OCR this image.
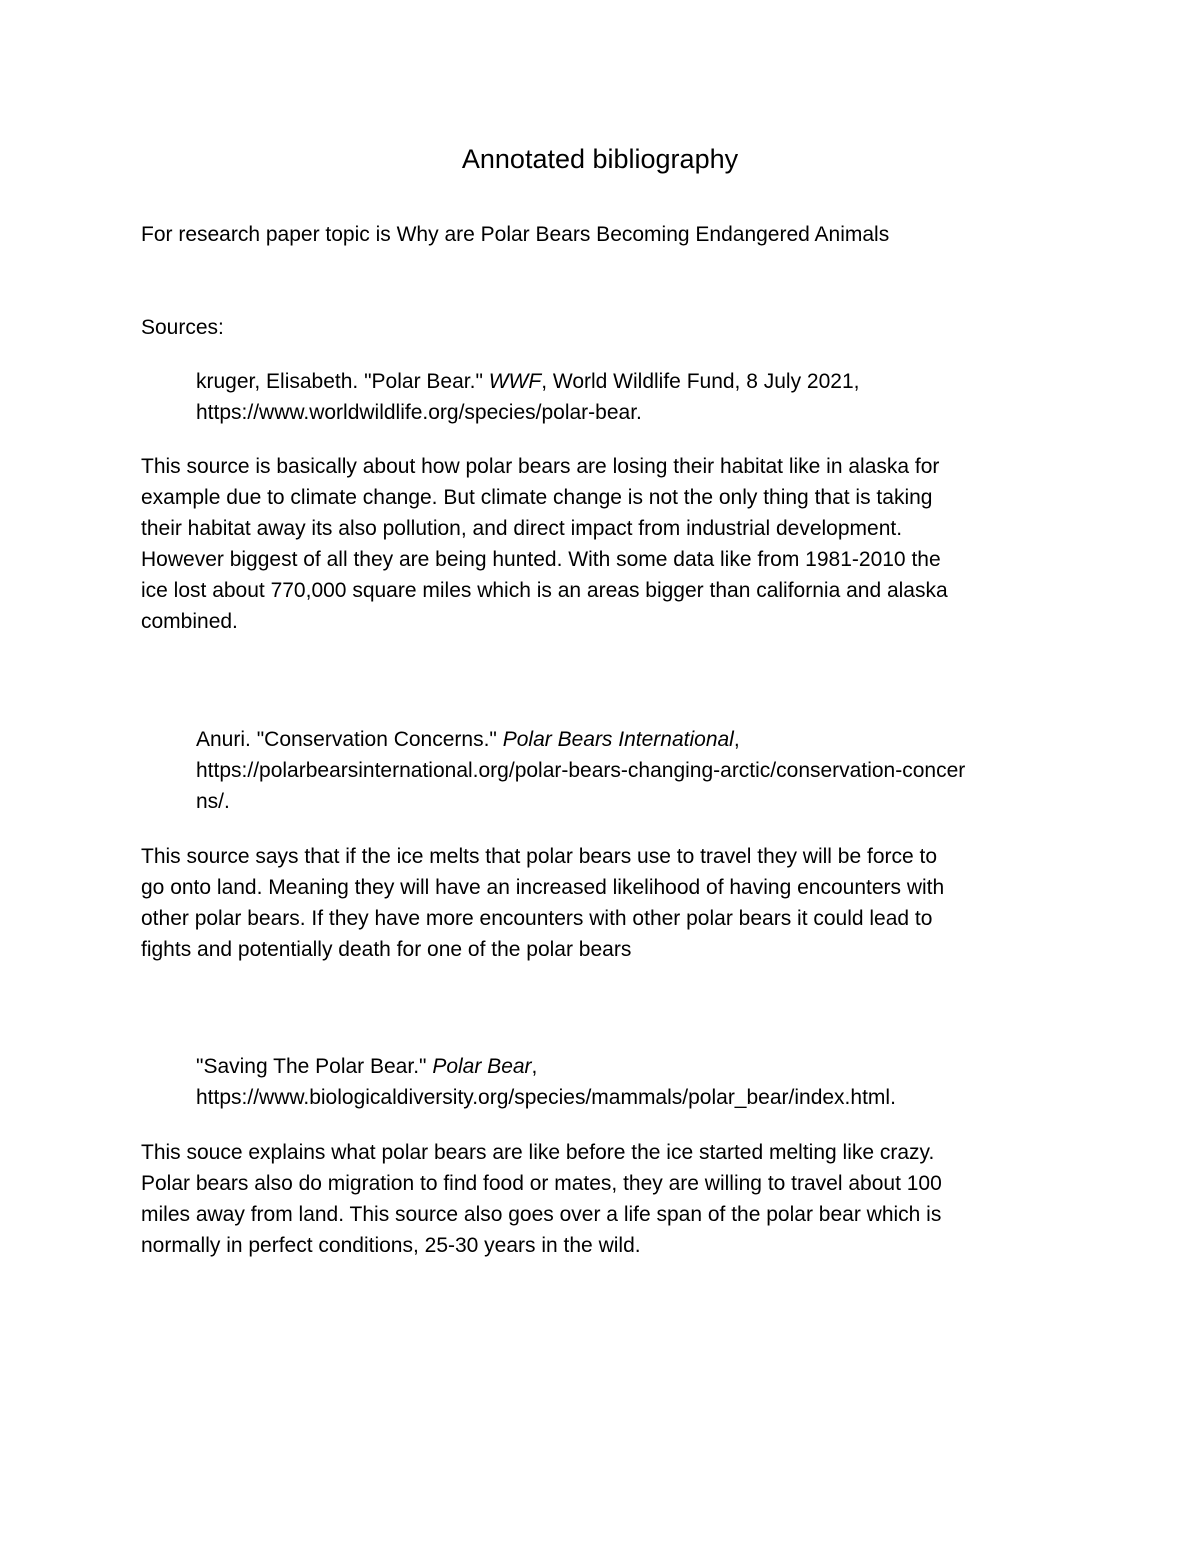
Annotated bibliography

For research paper topic is Why are Polar Bears Becoming Endangered Animals

Sources:

kruger, Elisabeth. "Polar Bear." WWF, World Wildlife Fund, 8 July 2021,
https://www.worldwildlife.org/species/polar-bear.

This source is basically about how polar bears are losing their habitat like in alaska for
example due to climate change. But climate change is not the only thing that is taking
their habitat away its also pollution, and direct impact from industrial development.
However biggest of all they are being hunted. With some data like from 1981-2010 the
ice lost about 770,000 square miles which is an areas bigger than california and alaska
combined.

Anuri. "Conservation Concerns." Polar Bears International,
https://polarbearsinternational.org/polar-bears-changing-arctic/conservation-concer
ns/.

This source says that if the ice melts that polar bears use to travel they will be force to
go onto land. Meaning they will have an increased likelihood of having encounters with
other polar bears. If they have more encounters with other polar bears it could lead to
fights and potentially death for one of the polar bears

"Saving The Polar Bear." Polar Bear,
https://www.biologicaldiversity.org/species/mammals/polar_bear/index.html.

This souce explains what polar bears are like before the ice started melting like crazy.
Polar bears also do migration to find food or mates, they are willing to travel about 100
miles away from land. This source also goes over a life span of the polar bear which is
normally in perfect conditions, 25-30 years in the wild.
